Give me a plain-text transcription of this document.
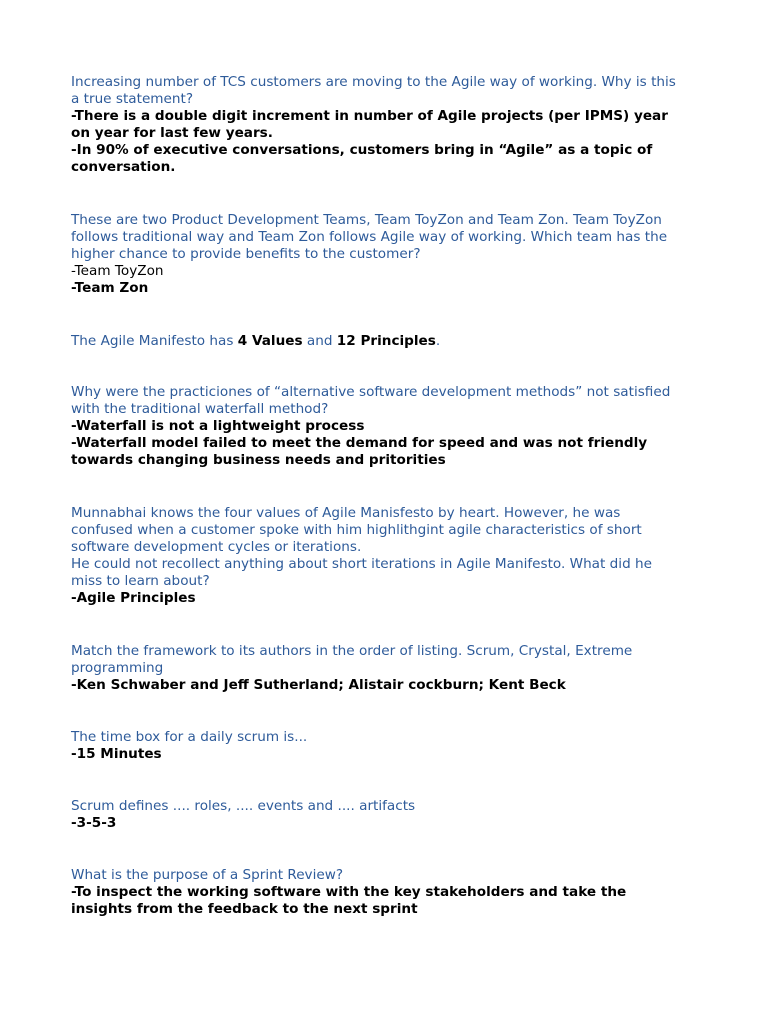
Increasing number of TCS customers are moving to the Agile way of working. Why is this
a true statement?
-There is a double digit increment in number of Agile projects (per IPMS) year
on year for last few years.
-In 90% of executive conversations, customers bring in “Agile” as a topic of
conversation.
These are two Product Development Teams, Team ToyZon and Team Zon. Team ToyZon
follows traditional way and Team Zon follows Agile way of working. Which team has the
higher chance to provide benefits to the customer?
-Team ToyZon
-Team Zon
The Agile Manifesto has 4 Values and 12 Principles.
Why were the practiciones of “alternative software development methods” not satisfied
with the traditional waterfall method?
-Waterfall is not a lightweight process
-Waterfall model failed to meet the demand for speed and was not friendly
towards changing business needs and pritorities
Munnabhai knows the four values of Agile Manisfesto by heart. However, he was
confused when a customer spoke with him highlithgint agile characteristics of short
software development cycles or iterations.
He could not recollect anything about short iterations in Agile Manifesto. What did he
miss to learn about?
-Agile Principles
Match the framework to its authors in the order of listing. Scrum, Crystal, Extreme
programming
-Ken Schwaber and Jeff Sutherland; Alistair cockburn; Kent Beck
The time box for a daily scrum is...
-15 Minutes
Scrum defines .... roles, .... events and .... artifacts
-3-5-3
What is the purpose of a Sprint Review?
-To inspect the working software with the key stakeholders and take the
insights from the feedback to the next sprint
